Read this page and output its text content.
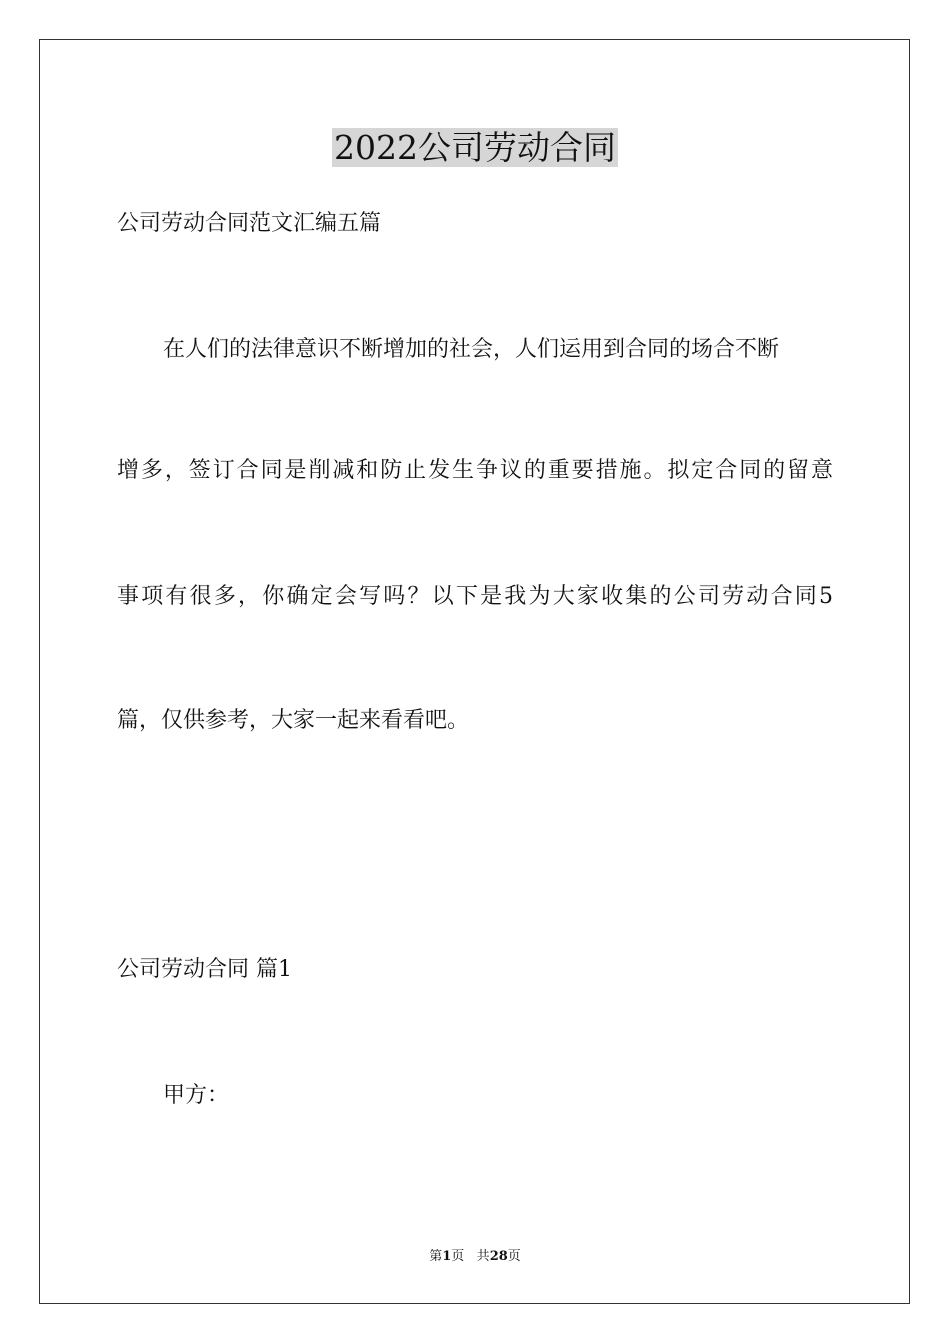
2022公司劳动合同

公司劳动合同范文汇编五篇

在人们的法律意识不断增加的社会，人们运用到合同的场合不断

增多，签订合同是削减和防止发生争议的重要措施。拟定合同的留意

事项有很多，你确定会写吗？以下是我为大家收集的公司劳动合同5

篇，仅供参考，大家一起来看看吧。

公司劳动合同 篇1

甲方：

第1页 共28页
